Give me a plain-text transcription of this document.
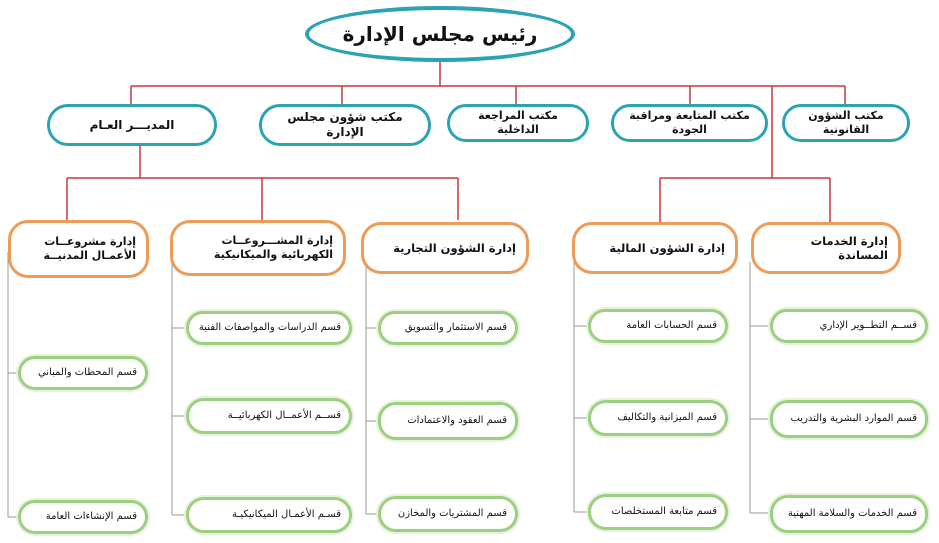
رئيس مجلس الإدارة
المديـــر العـام
مكتب شؤون مجلس الإدارة
مكتب المراجعة الداخلية
مكتب المتابعة ومراقبة الجودة
مكتب الشؤون القانونية
إدارة مشروعــات الأعمـال المدنيــة
إدارة المشـــروعــات الكهربائية والميكانيكية	إدارة الشؤون التجارية	إدارة الشؤون المالية
إدارة الخدمات المساندة
قسم المحطات والمباني
قسم الإنشاءات العامة
قسم الدراسات والمواصفات الفنية
قســم الأعمــال الكهربائيــة
قسـم الأعمـال الميكانيكيـة
قسم الاستثمار والتسويق
قسم العقود والاعتمادات
قسم المشتريات والمخازن
قسم الحسابات العامة
قسم الميزانية والتكاليف
قسم متابعة المستخلصات
قســم التطــوير الإداري
قسم الموارد البشرية والتدريب
قسم الخدمات والسلامة المهنية
